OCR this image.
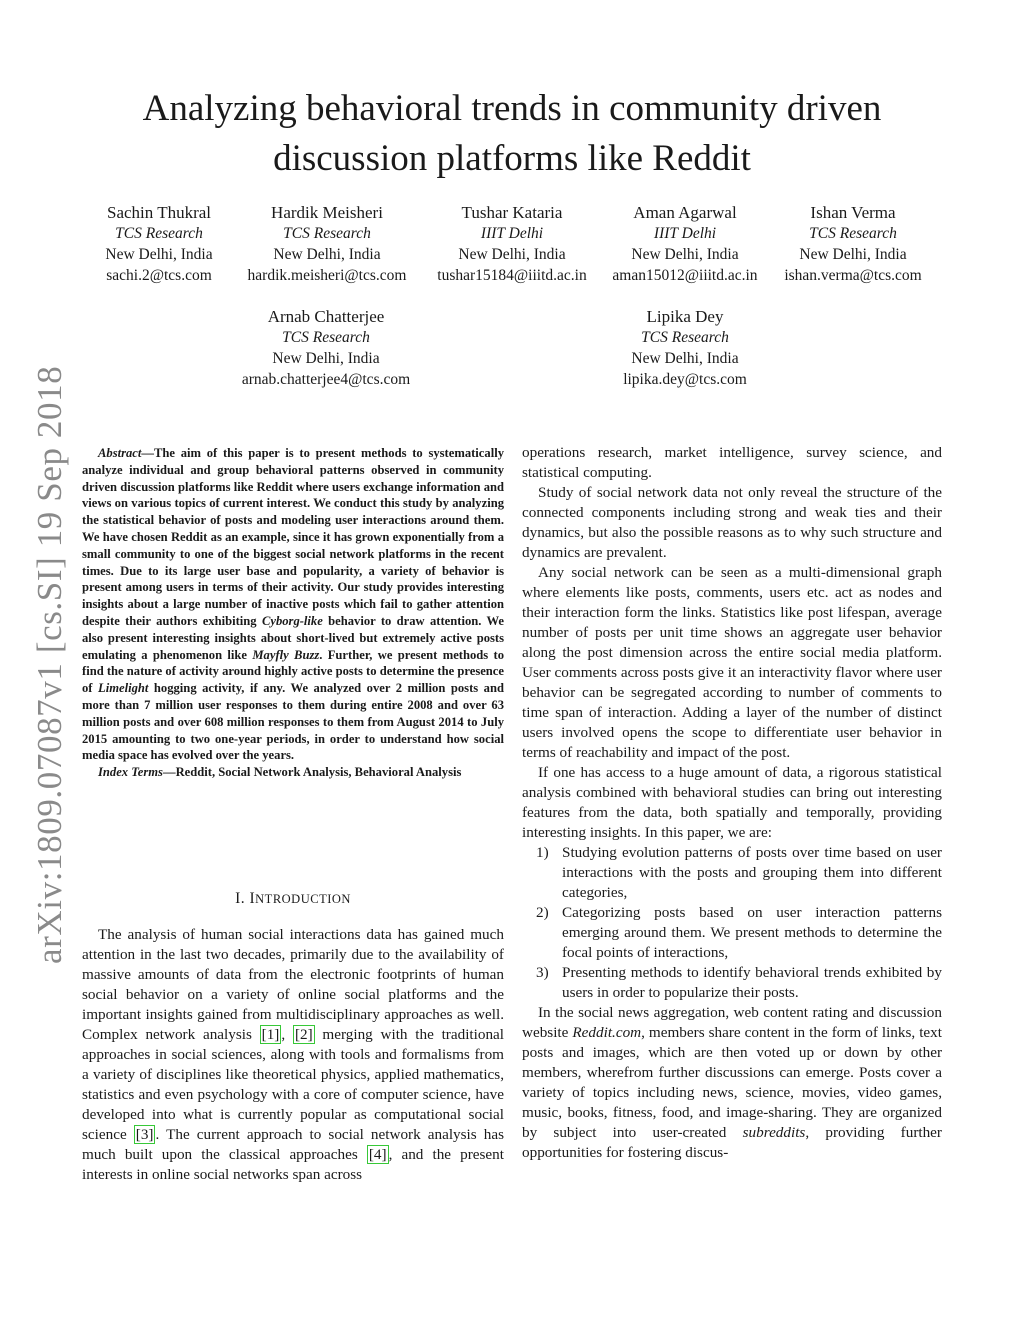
arXiv:1809.07087v1 [cs.SI] 19 Sep 2018
Analyzing behavioral trends in community driven
discussion platforms like Reddit
Sachin Thukral
TCS Research
New Delhi, India
sachi.2@tcs.com
Hardik Meisheri
TCS Research
New Delhi, India
hardik.meisheri@tcs.com
Tushar Kataria
IIIT Delhi
New Delhi, India
tushar15184@iiitd.ac.in
Aman Agarwal
IIIT Delhi
New Delhi, India
aman15012@iiitd.ac.in
Ishan Verma
TCS Research
New Delhi, India
ishan.verma@tcs.com
Arnab Chatterjee
TCS Research
New Delhi, India
arnab.chatterjee4@tcs.com
Lipika Dey
TCS Research
New Delhi, India
lipika.dey@tcs.com

Abstract—The aim of this paper is to present methods to systematically analyze individual and group behavioral patterns observed in community driven discussion platforms like Reddit where users exchange information and views on various topics of current interest. We conduct this study by analyzing the statistical behavior of posts and modeling user interactions around them. We have chosen Reddit as an example, since it has grown exponentially from a small community to one of the biggest social network platforms in the recent times. Due to its large user base and popularity, a variety of behavior is present among users in terms of their activity. Our study provides interesting insights about a large number of inactive posts which fail to gather attention despite their authors exhibiting Cyborg-like behavior to draw attention. We also present interesting insights about short-lived but extremely active posts emulating a phenomenon like Mayfly Buzz. Further, we present methods to find the nature of activity around highly active posts to determine the presence of Limelight hogging activity, if any. We analyzed over 2 million posts and more than 7 million user responses to them during entire 2008 and over 63 million posts and over 608 million responses to them from August 2014 to July 2015 amounting to two one-year periods, in order to understand how social media space has evolved over the years.

Index Terms—Reddit, Social Network Analysis, Behavioral Analysis

I. INTRODUCTION

The analysis of human social interactions data has gained much attention in the last two decades, primarily due to the availability of massive amounts of data from the electronic footprints of human social behavior on a variety of online social platforms and the important insights gained from multidisciplinary approaches as well. Complex network analysis [1] , [2] merging with the traditional approaches in social sciences, along with tools and formalisms from a variety of disciplines like theoretical physics, applied mathematics, statistics and even psychology with a core of computer science, have developed into what is currently popular as computational social science [3] . The current approach to social network analysis has much built upon the classical approaches [4] , and the present interests in online social networks span across

operations research, market intelligence, survey science, and statistical computing.

Study of social network data not only reveal the structure of the connected components including strong and weak ties and their dynamics, but also the possible reasons as to why such structure and dynamics are prevalent.

Any social network can be seen as a multi-dimensional graph where elements like posts, comments, users etc. act as nodes and their interaction form the links. Statistics like post lifespan, average number of posts per unit time shows an aggregate user behavior along the post dimension across the entire social media platform. User comments across posts give it an interactivity flavor where user behavior can be segregated according to number of comments to time span of interaction. Adding a layer of the number of distinct users involved opens the scope to differentiate user behavior in terms of reachability and impact of the post.

If one has access to a huge amount of data, a rigorous statistical analysis combined with behavioral studies can bring out interesting features from the data, both spatially and temporally, providing interesting insights. In this paper, we are:

1) Studying evolution patterns of posts over time based on user interactions with the posts and grouping them into different categories,
2) Categorizing posts based on user interaction patterns emerging around them. We present methods to determine the focal points of interactions,
3) Presenting methods to identify behavioral trends exhibited by users in order to popularize their posts.

In the social news aggregation, web content rating and discussion website Reddit.com, members share content in the form of links, text posts and images, which are then voted up or down by other members, wherefrom further discussions can emerge. Posts cover a variety of topics including news, science, movies, video games, music, books, fitness, food, and image-sharing. They are organized by subject into user-created subreddits, providing further opportunities for fostering discus-
